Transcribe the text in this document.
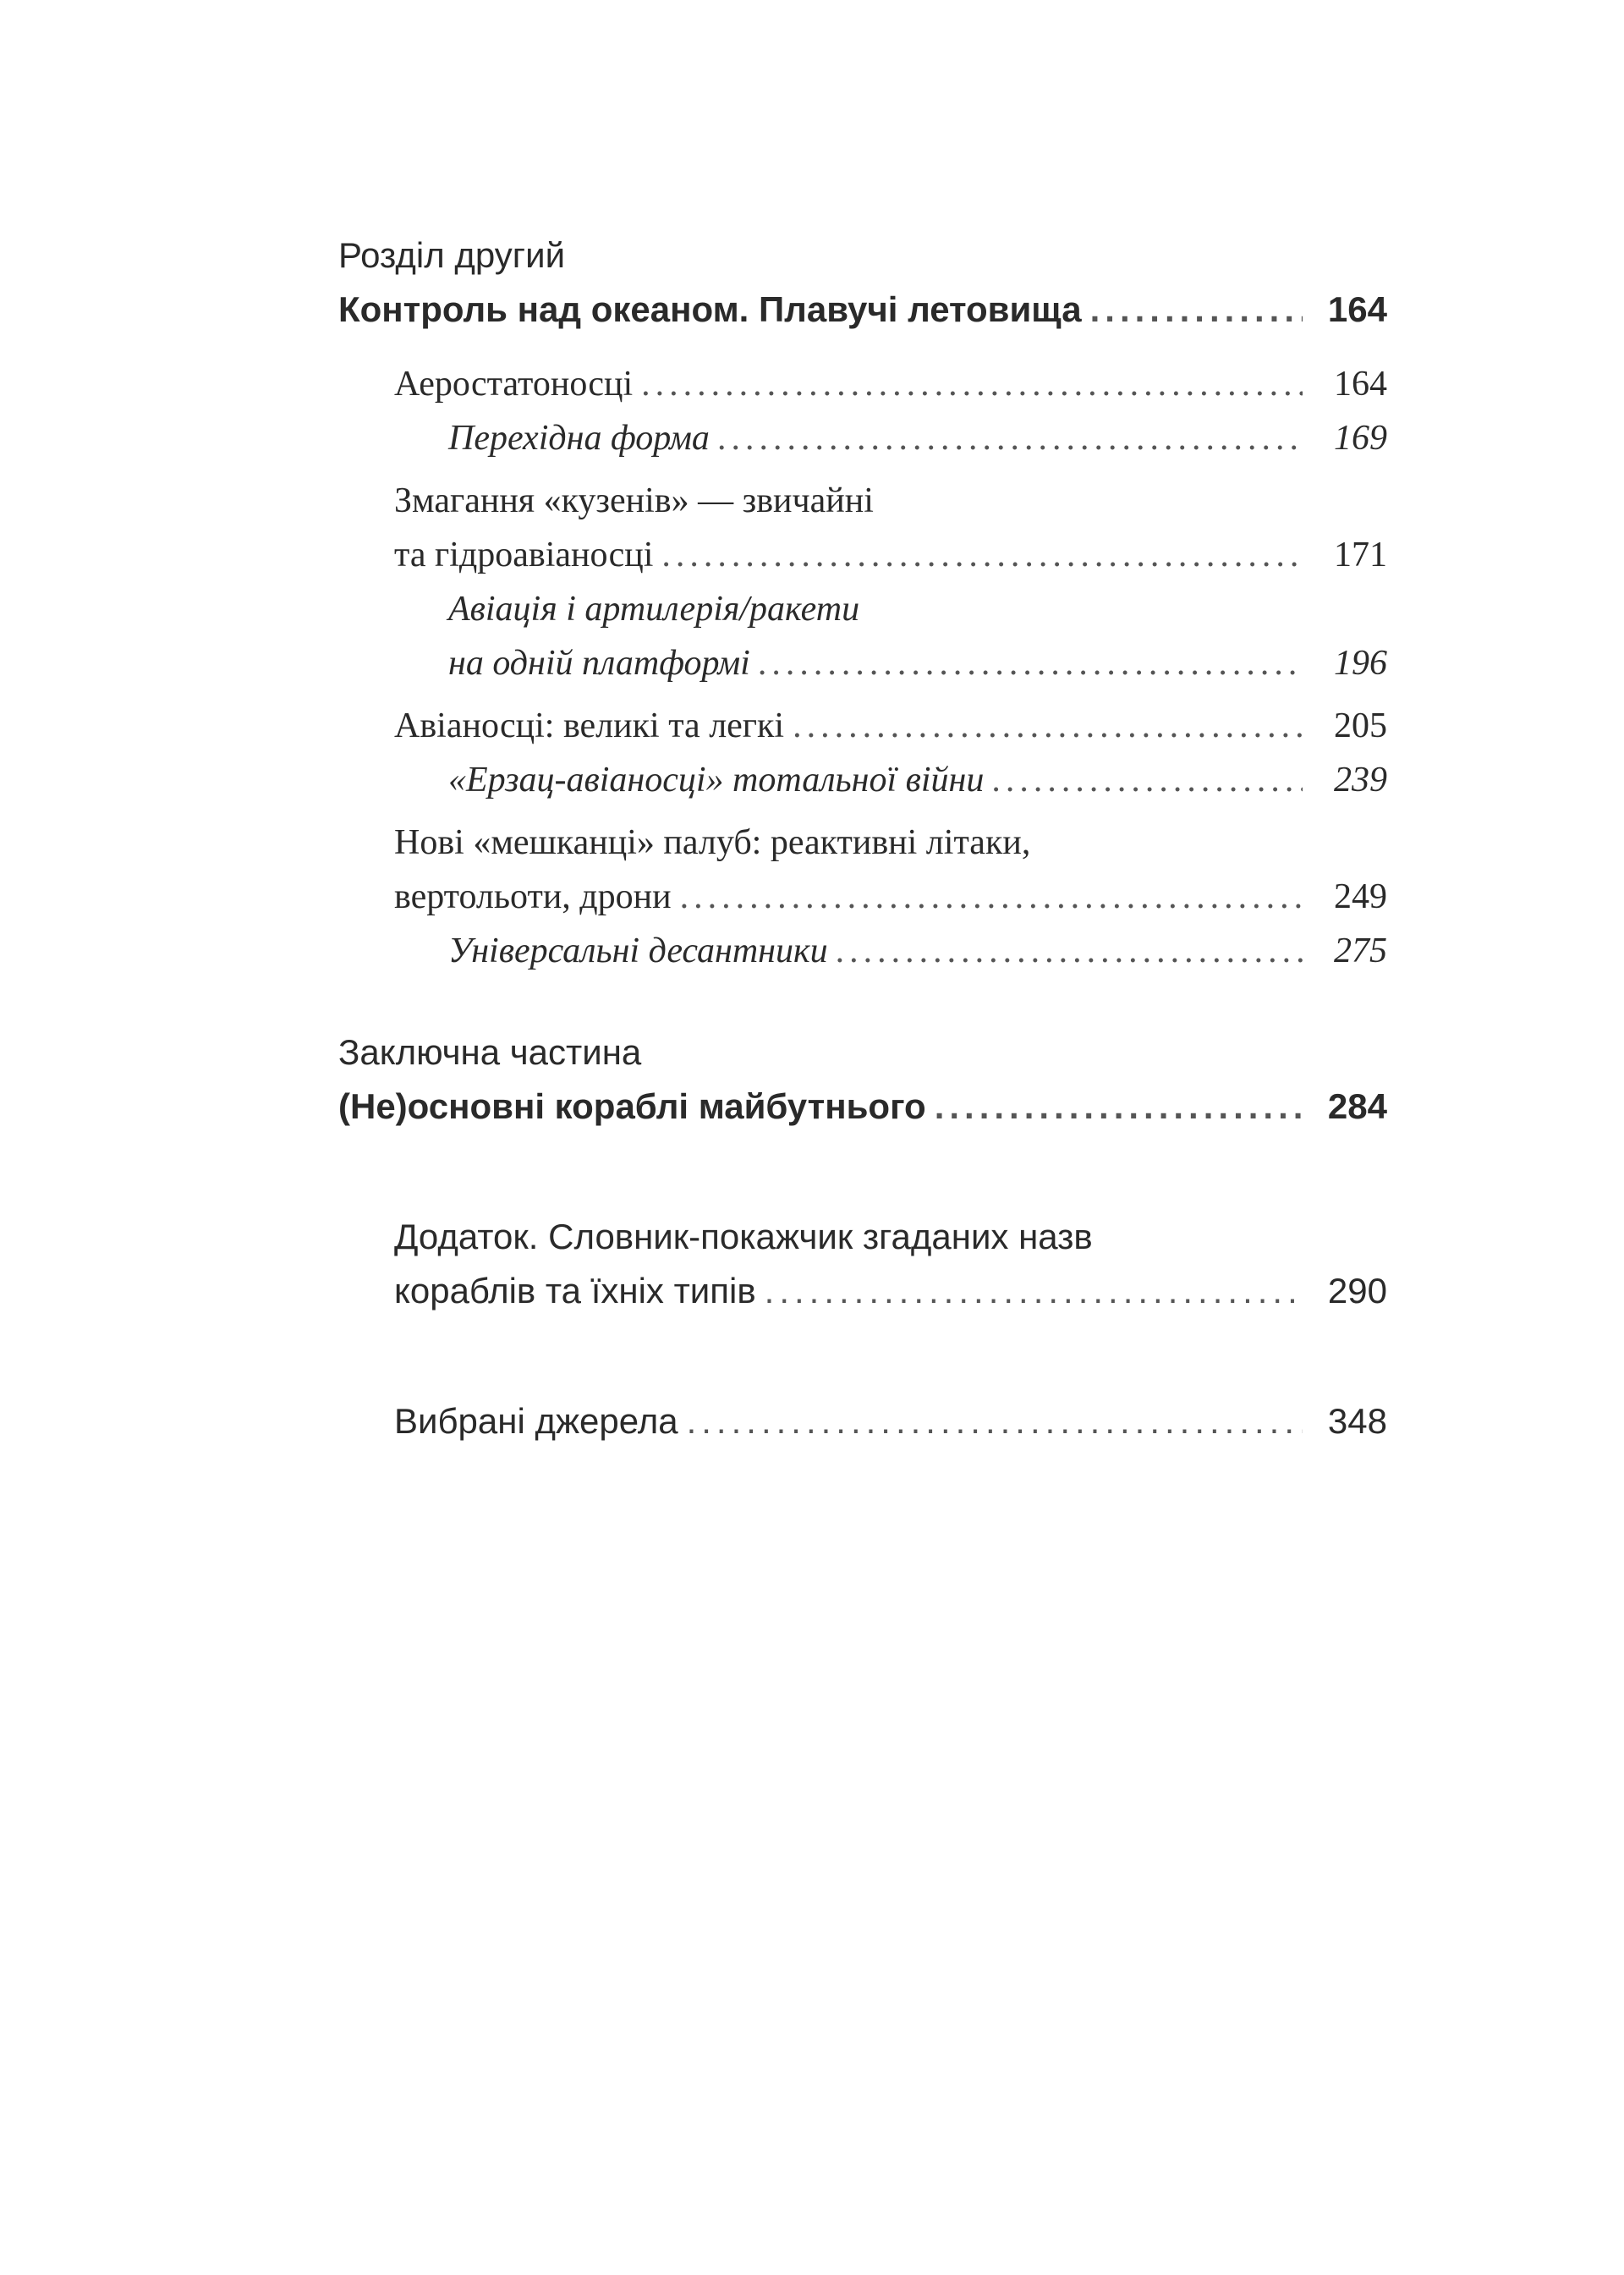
Розділ другий
Контроль над океаном. Плавучі летовища .....	164
Аеростатоносці .....	164
Перехідна форма .....	169
Змагання «кузенів» — звичайні
та гідроавіаносці .....	171
Авіація і артилерія/ракети
на одній платформі .....	196
Авіаносці: великі та легкі .....	205
«Ерзац-авіаносці» тотальної війни .....	239
Нові «мешканці» палуб: реактивні літаки,
вертольоти, дрони .....	249
Універсальні десантники .....	275
Заключна частина
(Не)основні кораблі майбутнього .....	284
Додаток. Словник-покажчик згаданих назв
кораблів та їхніх типів .....	290
Вибрані джерела .....	348
